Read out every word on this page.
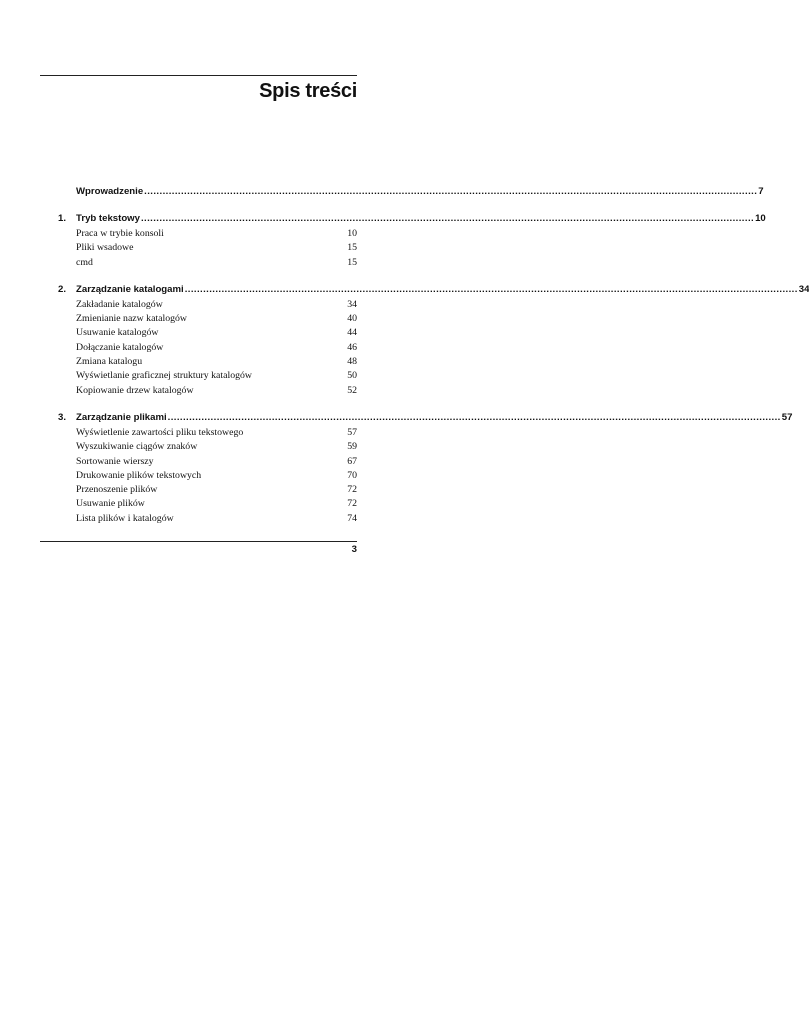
Spis treści
Wprowadzenie ........................................................................................................................................................................................................ 7
1.	Tryb tekstowy ........................................................................................................................................................................................................ 10
Praca w trybie konsoli	10
Pliki wsadowe	15
cmd	15
2.	Zarządzanie katalogami ........................................................................................................................................................................................................ 34
Zakładanie katalogów	34
Zmienianie nazw katalogów	40
Usuwanie katalogów	44
Dołączanie katalogów	46
Zmiana katalogu	48
Wyświetlanie graficznej struktury katalogów	50
Kopiowanie drzew katalogów	52
3.	Zarządzanie plikami ........................................................................................................................................................................................................ 57
Wyświetlenie zawartości pliku tekstowego	57
Wyszukiwanie ciągów znaków	59
Sortowanie wierszy	67
Drukowanie plików tekstowych	70
Przenoszenie plików	72
Usuwanie plików	72
Lista plików i katalogów	74
3
